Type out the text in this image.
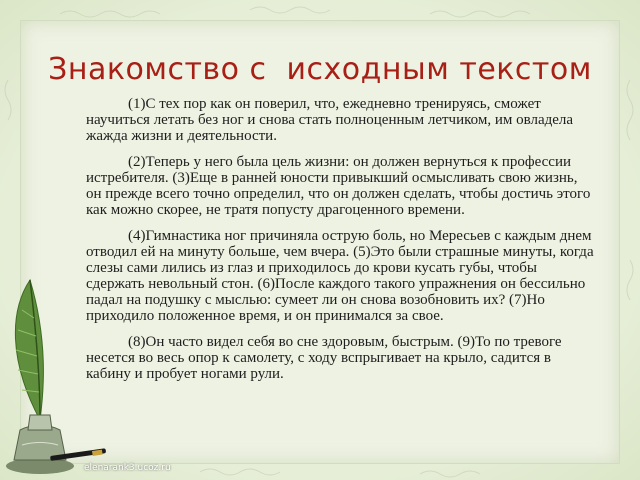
Знакомство с  исходным текстом

(1)С тех пор как он поверил, что, ежедневно тренируясь, сможет научиться летать без ног и снова стать полноценным летчиком, им овладела жажда жизни и деятельности.

(2)Теперь у него была цель жизни: он должен вернуться к профессии истребителя. (3)Еще в ранней юности привыкший осмысливать свою жизнь, он прежде всего точно определил, что он должен сделать, чтобы достичь этого как можно скорее, не тратя попусту драгоценного времени.

(4)Гимнастика ног причиняла острую боль, но Мересьев с каждым днем отводил ей на минуту больше, чем вчера. (5)Это были страшные минуты, когда слезы сами лились из глаз и приходилось до крови кусать губы, чтобы сдержать невольный стон. (6)После каждого такого упражнения он бессильно падал на подушку с мыслью: сумеет ли он снова возобновить их? (7)Но приходило положенное время, и он принимался за свое.

(8)Он часто видел себя во сне здоровым, быстрым. (9)То по тревоге несется во весь опор к самолету, с ходу вспрыгивает на крыло, садится в кабину и пробует ногами рули.

elenarank3.ucoz.ru
